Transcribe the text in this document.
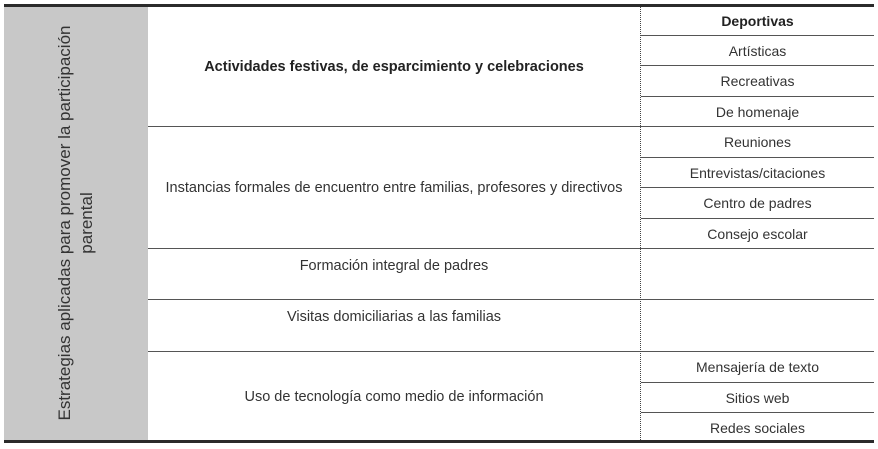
Estrategias aplicadas para promover la participación parental
Actividades festivas, de esparcimiento y celebraciones
Deportivas
Artísticas
Recreativas
De homenaje
Instancias formales de encuentro entre familias, profesores y directivos
Reuniones
Entrevistas/citaciones
Centro de padres
Consejo escolar
Formación integral de padres
Visitas domiciliarias a las familias
Uso de tecnología como medio de información
Mensajería de texto
Sitios web
Redes sociales
